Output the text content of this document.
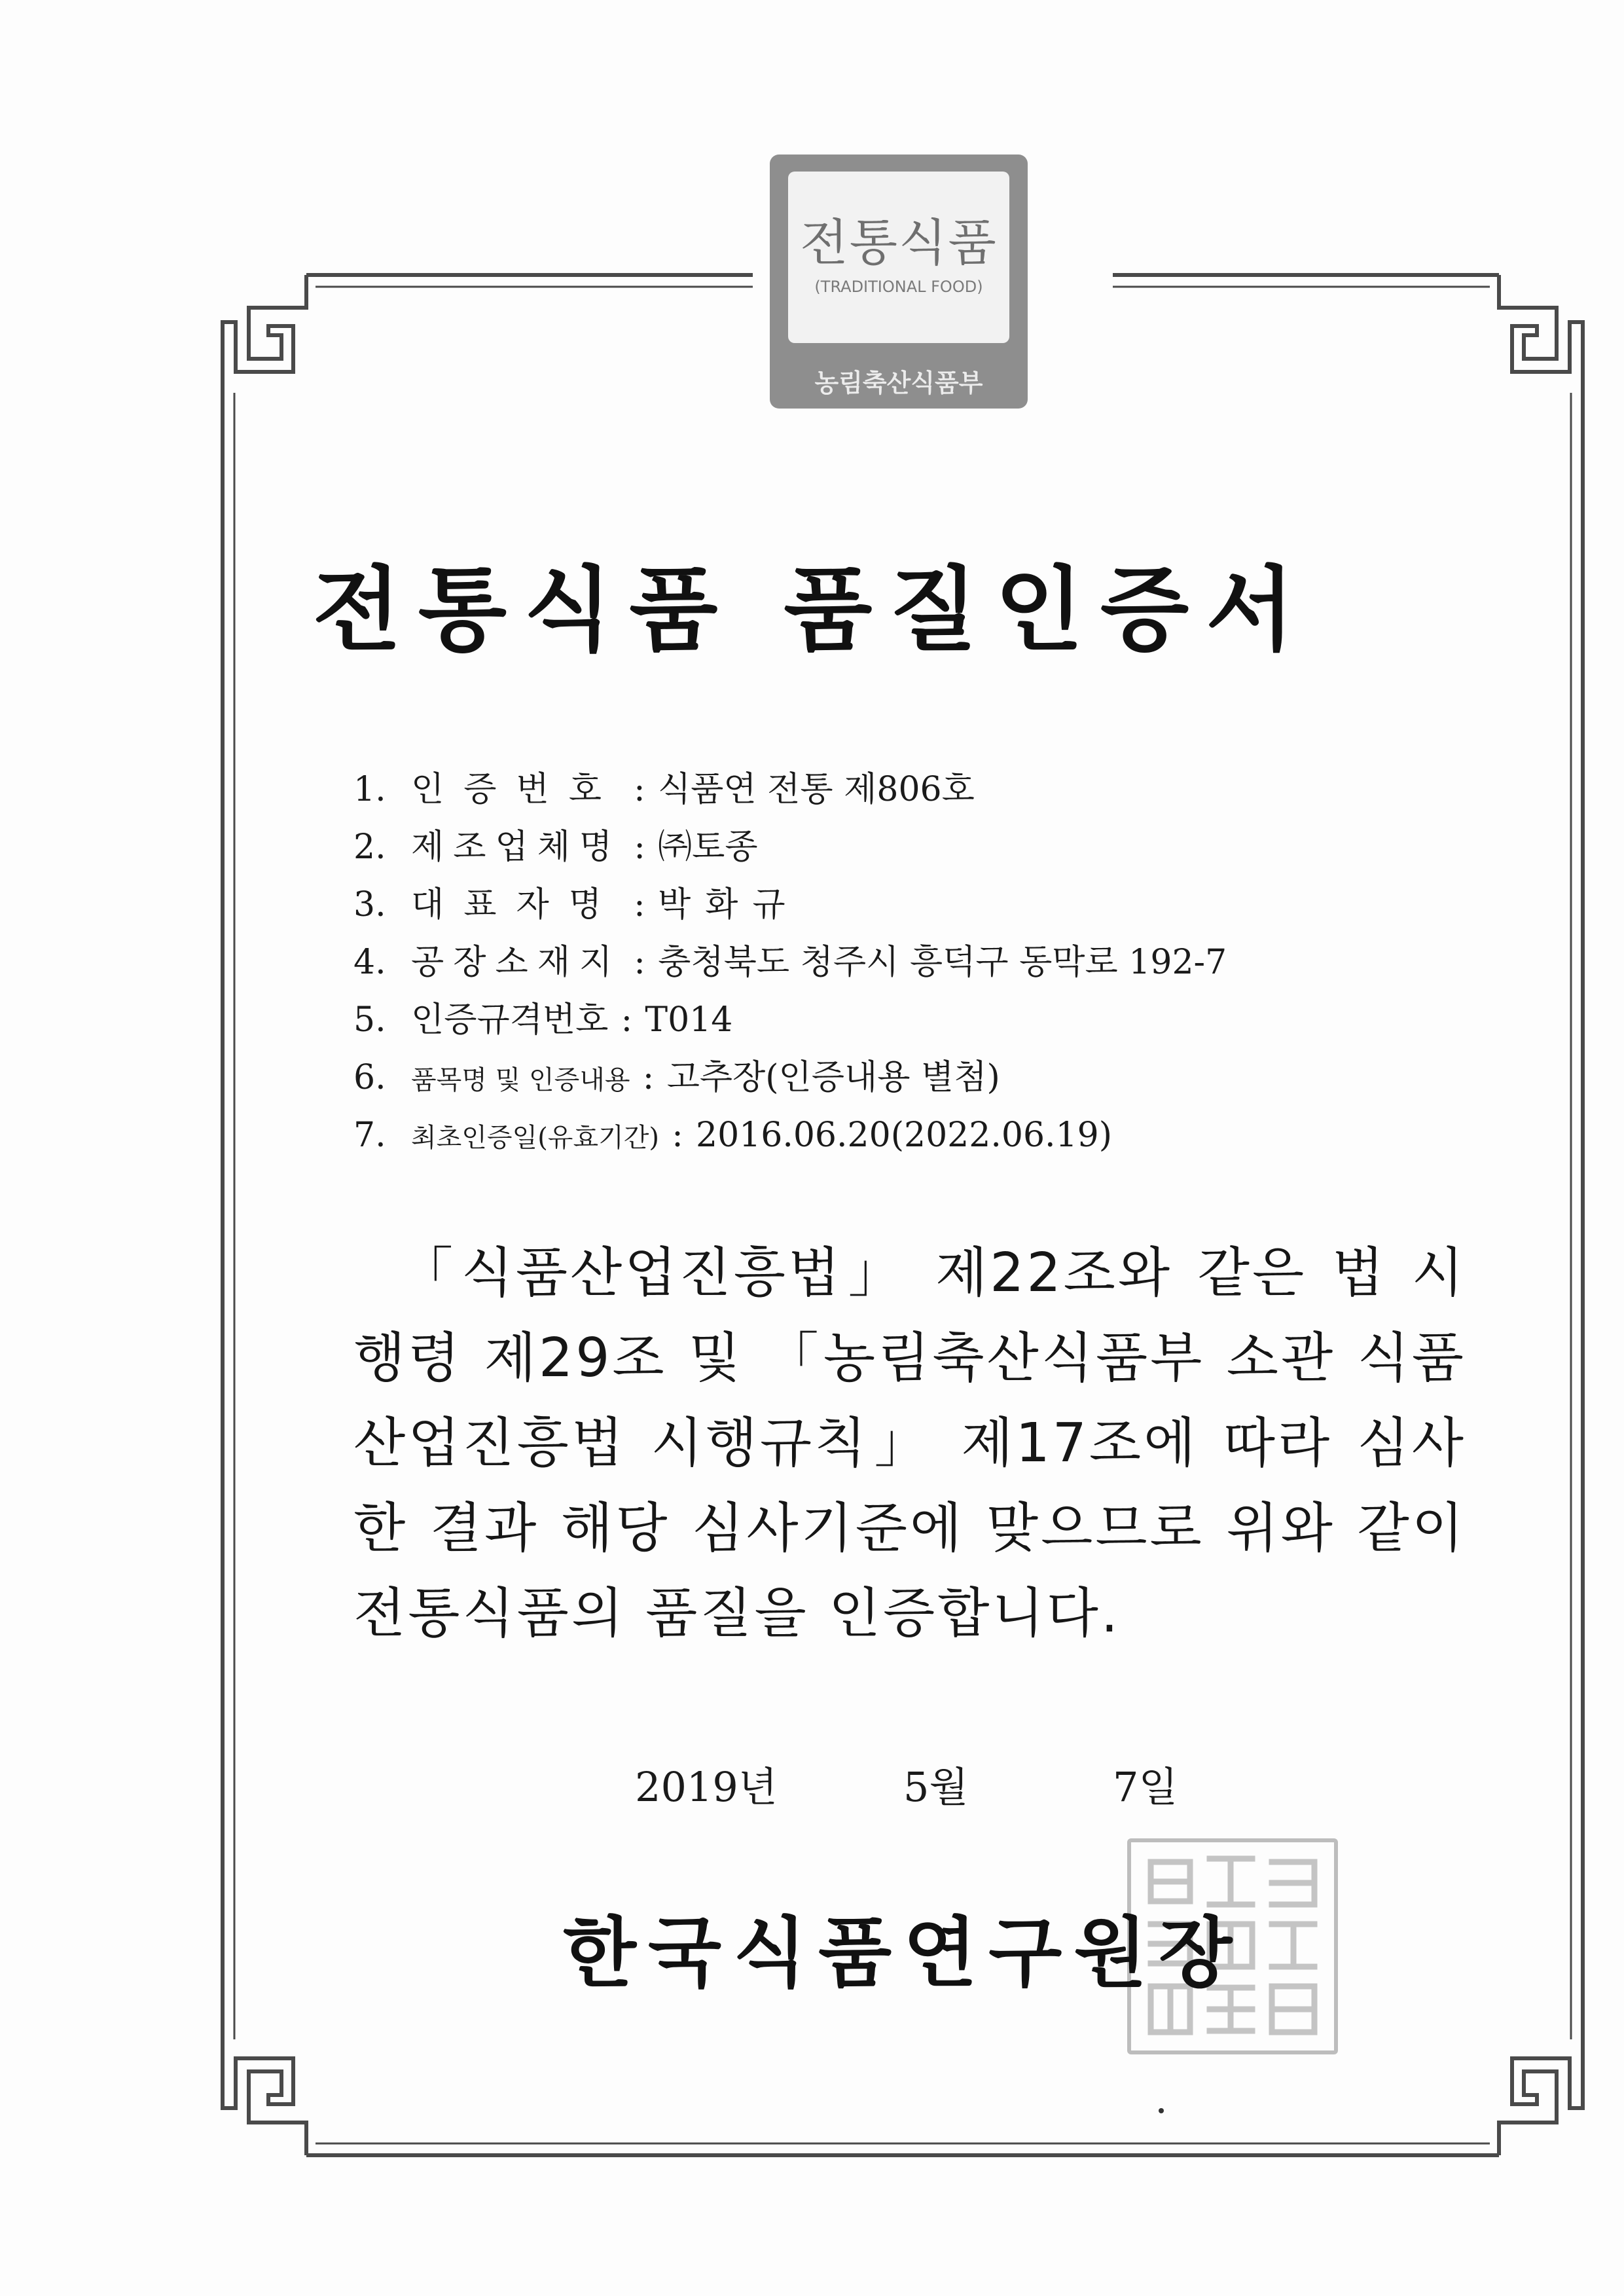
전통식품
(TRADITIONAL FOOD)
농림축산식품부
전통식품 품질인증서
1. 인증번호 : 식품연 전통 제806호
2. 제조업체명 : ㈜토종
3. 대표자명 : 박화규
4. 공장소재지 : 충청북도 청주시 흥덕구 동막로 192-7
5. 인증규격번호 : T014
6. 품목명 및 인증내용 : 고추장(인증내용 별첨)
7. 최초인증일(유효기간) : 2016.06.20(2022.06.19)
「식품산업진흥법」 제22조와 같은 법 시행령 제29조 및 「농림축산식품부 소관 식품산업진흥법 시행규칙」 제17조에 따라 심사한 결과 해당 심사기준에 맞으므로 위와 같이 전통식품의 품질을 인증합니다.
2019년	5월	7일
한국식품연구원장
